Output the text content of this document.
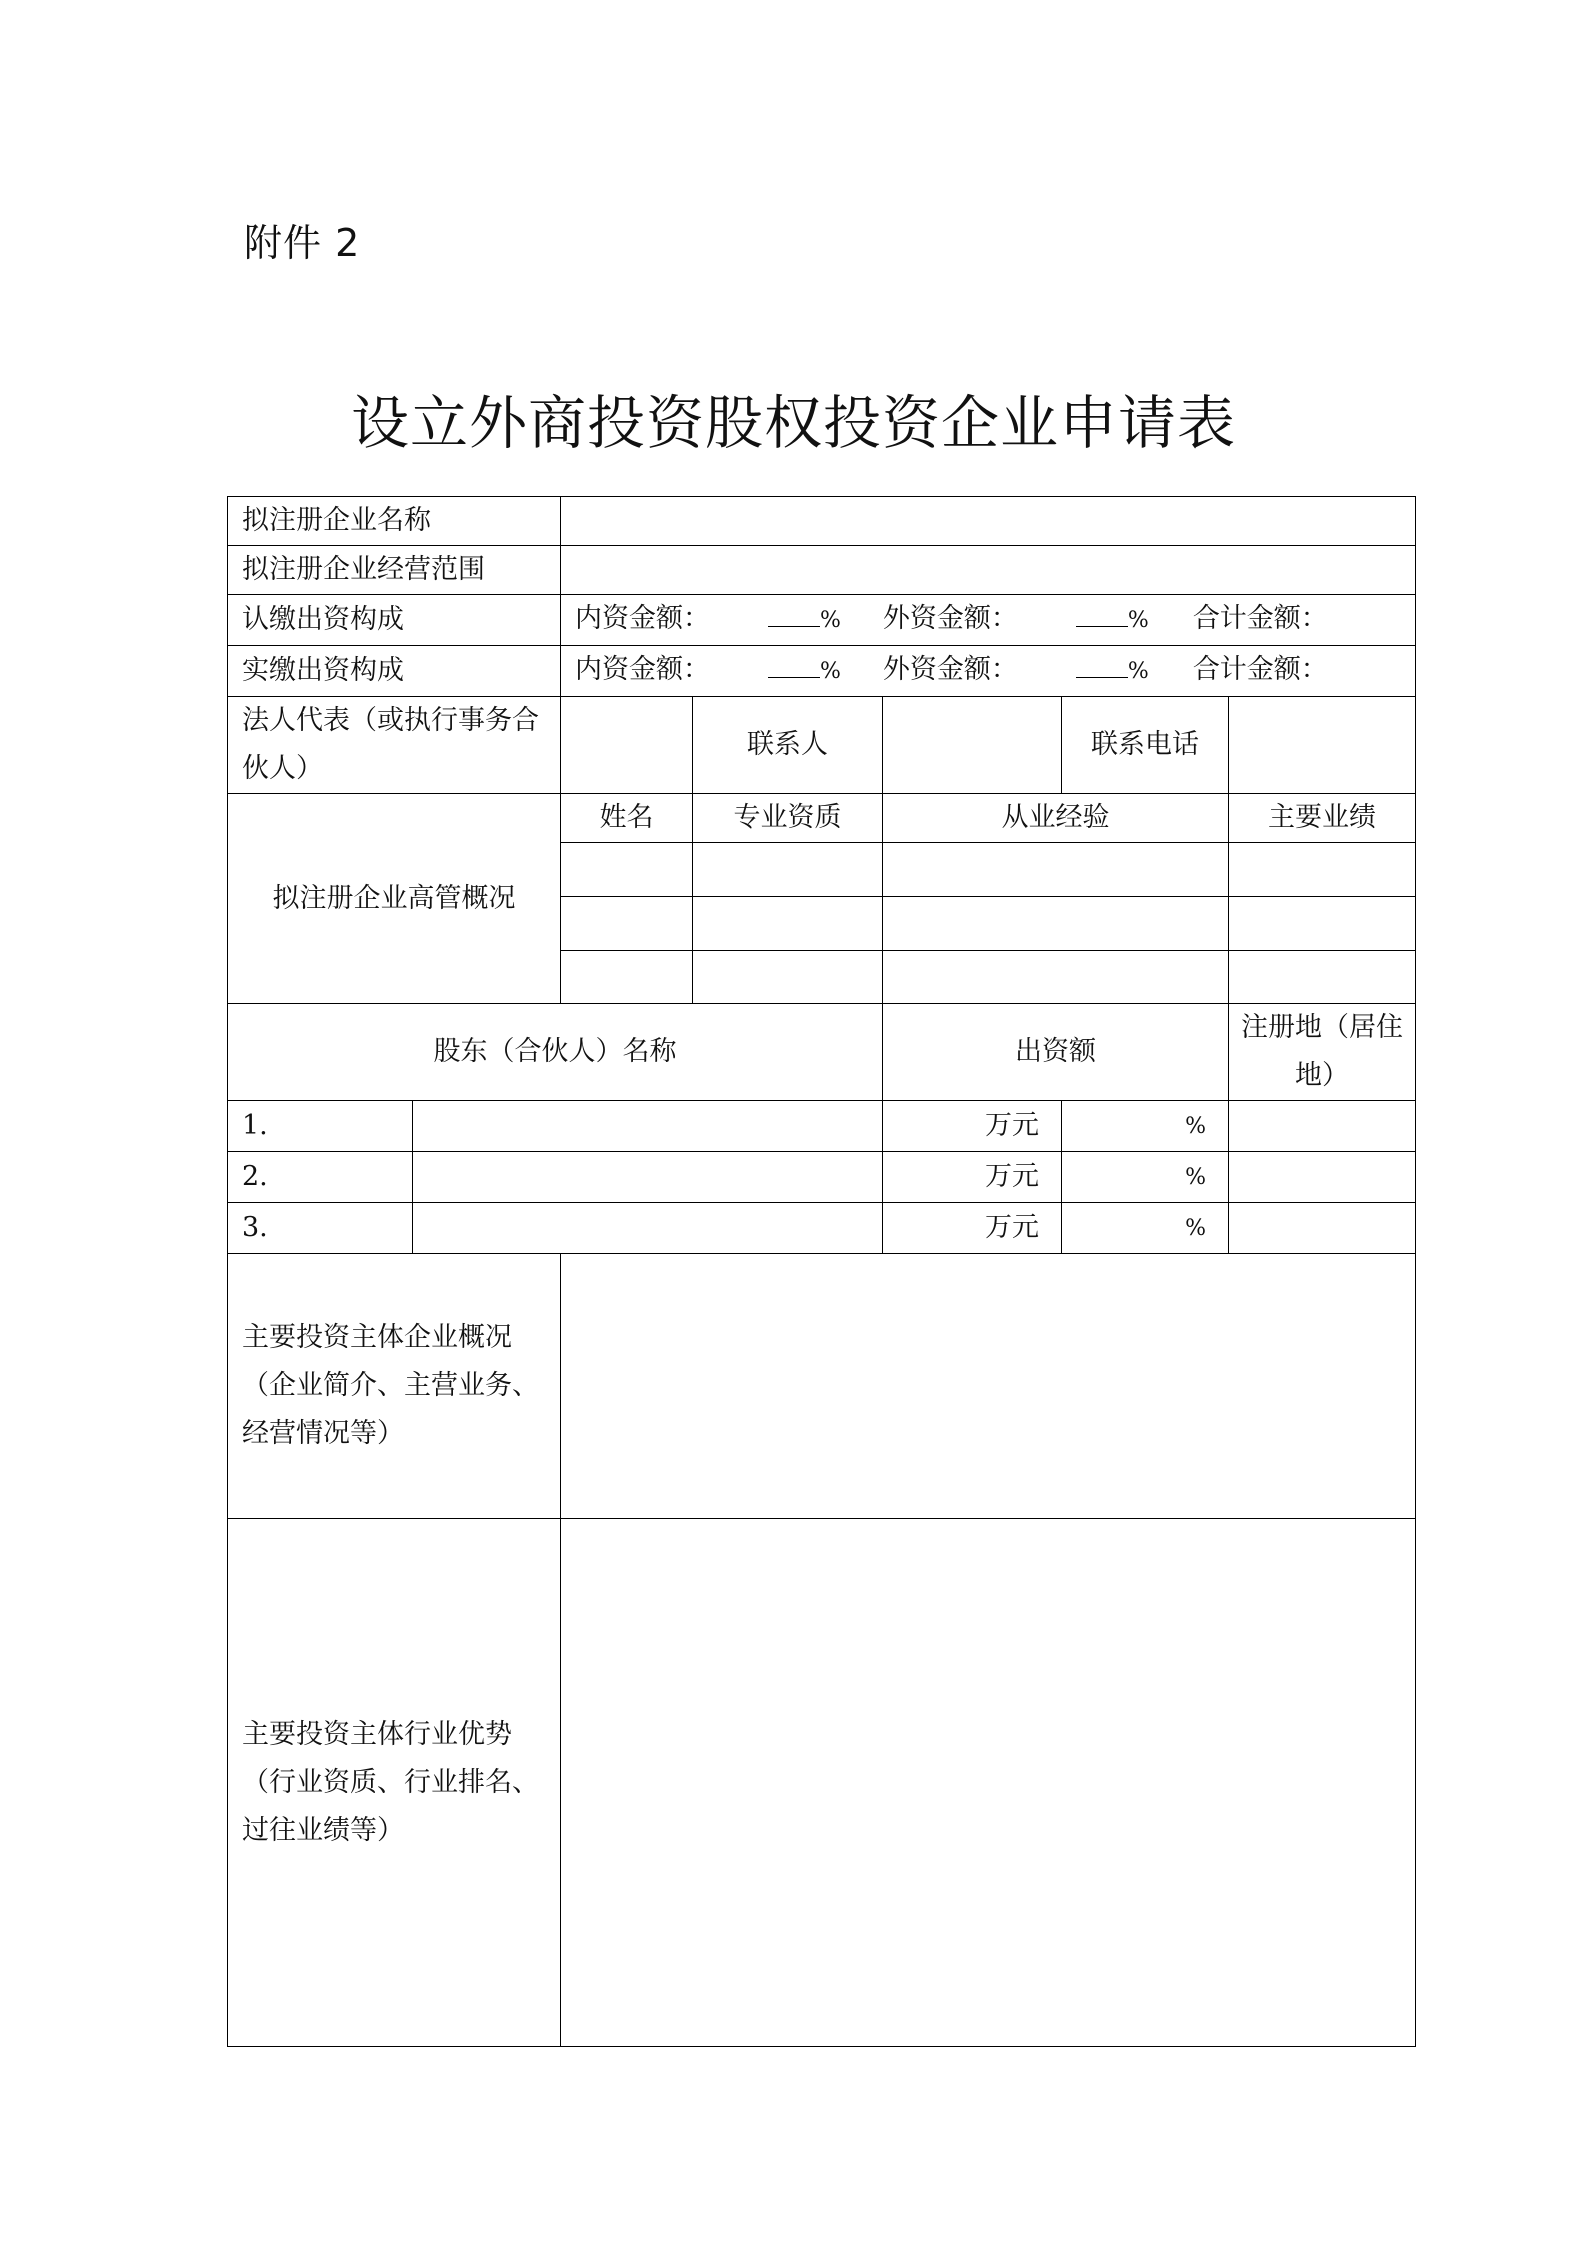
附件 2
设立外商投资股权投资企业申请表
拟注册企业名称						
拟注册企业经营范围						
认缴出资构成		内资金额： % 外资金额： % 合计金额：				
实缴出资构成		内资金额： % 外资金额： % 合计金额：				
法人代表（或执行事务合伙人）			联系人		联系电话	
拟注册企业高管概况		姓名	专业资质	从业经验		主要业绩

股东（合伙人）名称				出资额		注册地（居住地）
1.				万元	%	
2.				万元	%	
3.				万元	%	
主要投资主体企业概况（企业简介、主营业务、经营情况等）						
主要投资主体行业优势（行业资质、行业排名、过往业绩等）						
